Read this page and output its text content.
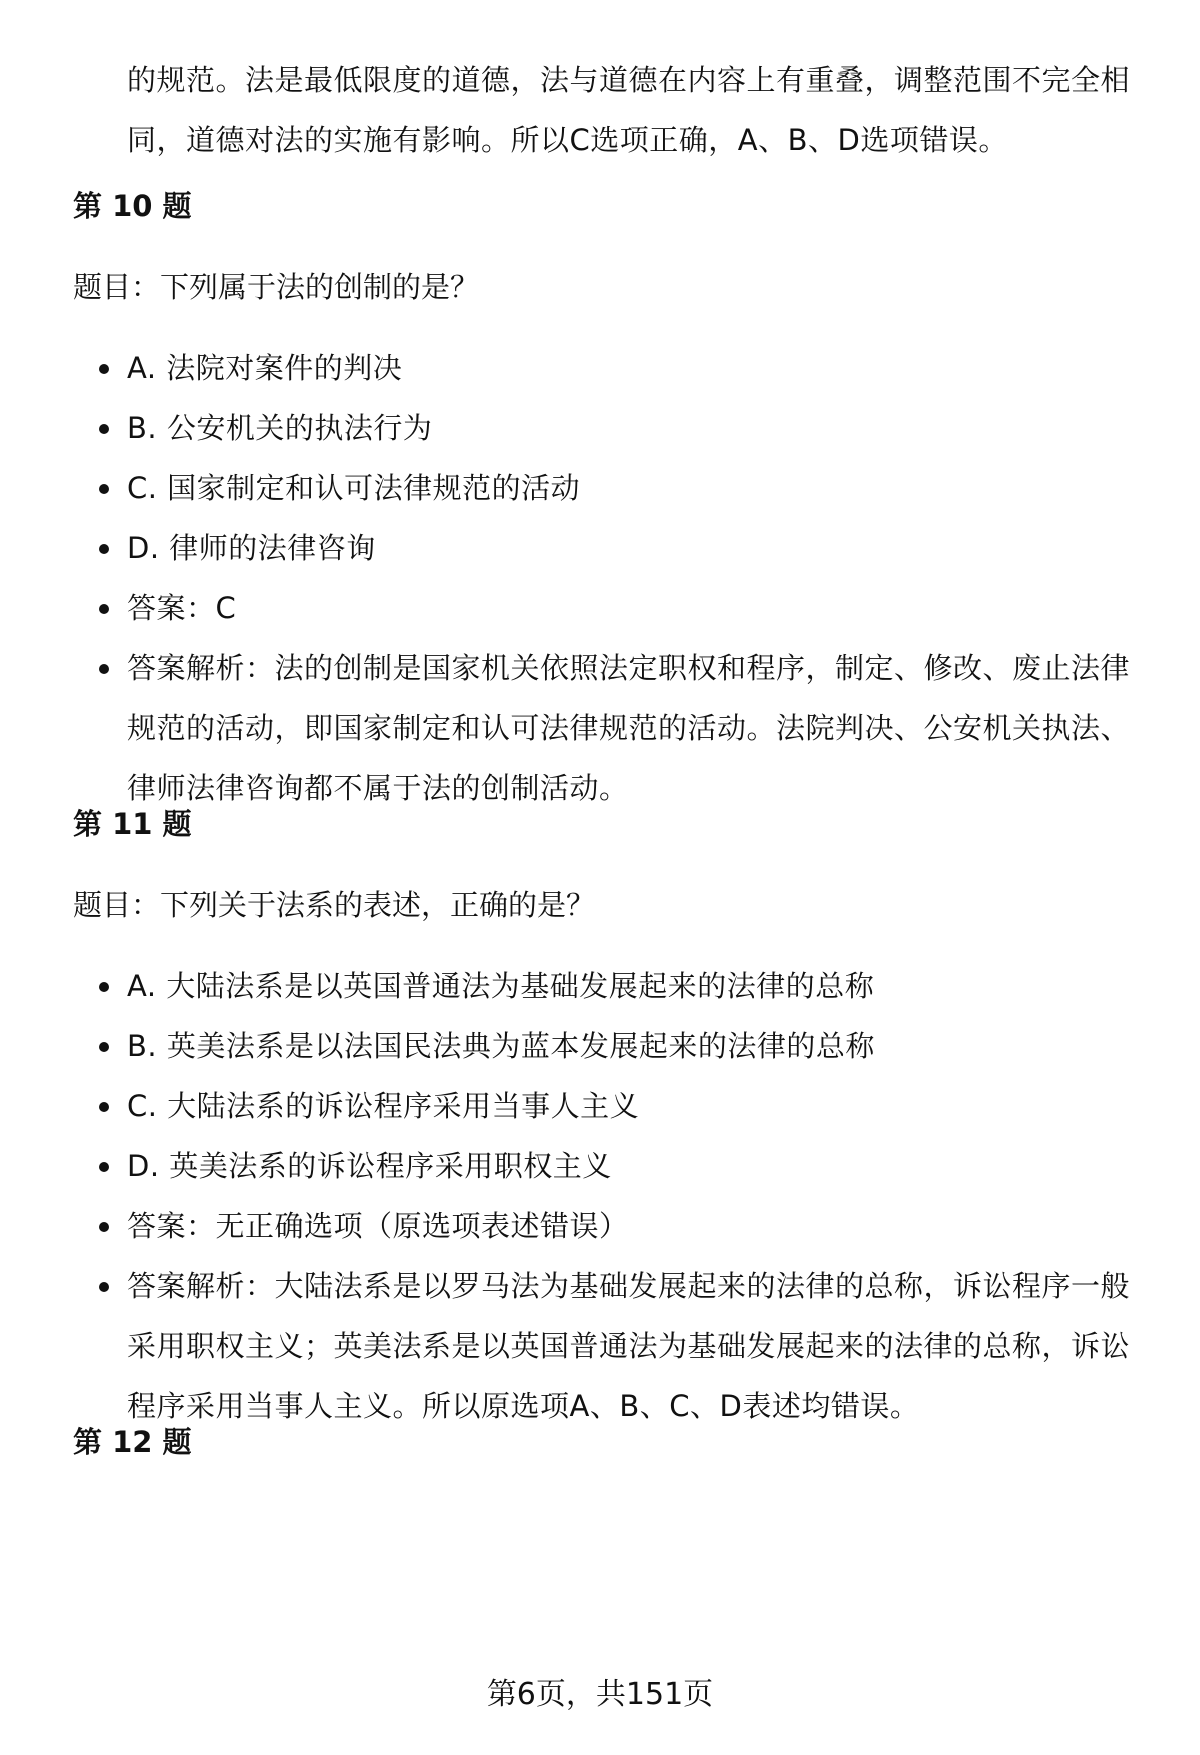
的规范。法是最低限度的道德，法与道德在内容上有重叠，调整范围不完全相同，道德对法的实施有影响。所以C选项正确，A、B、D选项错误。

第 10 题

题目：下列属于法的创制的是？

A. 法院对案件的判决
B. 公安机关的执法行为
C. 国家制定和认可法律规范的活动
D. 律师的法律咨询
答案：C
答案解析：法的创制是国家机关依照法定职权和程序，制定、修改、废止法律规范的活动，即国家制定和认可法律规范的活动。法院判决、公安机关执法、律师法律咨询都不属于法的创制活动。
第 11 题

题目：下列关于法系的表述，正确的是？

A. 大陆法系是以英国普通法为基础发展起来的法律的总称
B. 英美法系是以法国民法典为蓝本发展起来的法律的总称
C. 大陆法系的诉讼程序采用当事人主义
D. 英美法系的诉讼程序采用职权主义
答案：无正确选项（原选项表述错误）
答案解析：大陆法系是以罗马法为基础发展起来的法律的总称，诉讼程序一般采用职权主义；英美法系是以英国普通法为基础发展起来的法律的总称，诉讼程序采用当事人主义。所以原选项A、B、C、D表述均错误。
第 12 题

第6页，共151页
